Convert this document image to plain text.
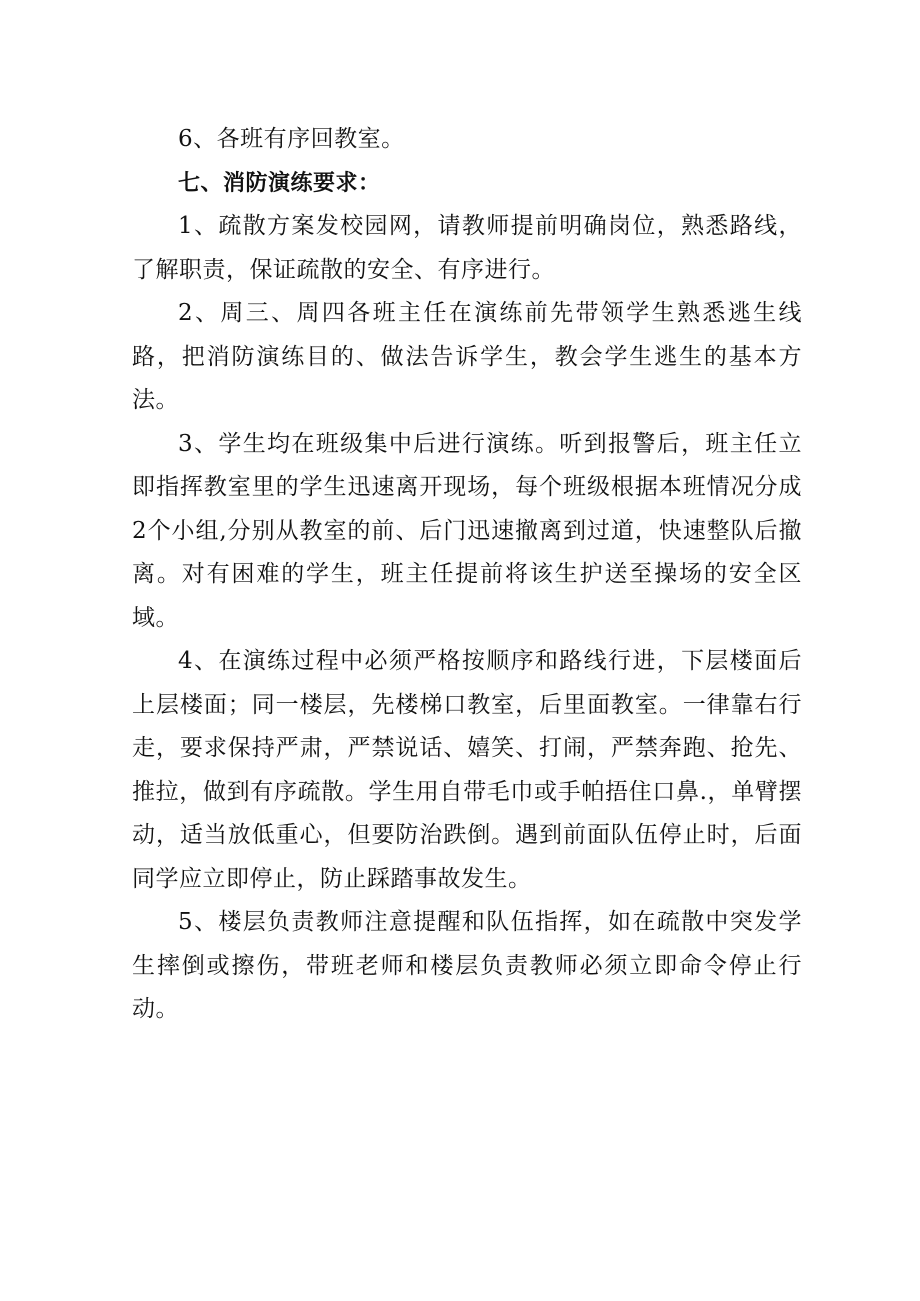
6、各班有序回教室。

七、消防演练要求：

1、疏散方案发校园网，请教师提前明确岗位，熟悉路线，了解职责，保证疏散的安全、有序进行。

2、周三、周四各班主任在演练前先带领学生熟悉逃生线路，把消防演练目的、做法告诉学生，教会学生逃生的基本方法。

3、学生均在班级集中后进行演练。听到报警后，班主任立即指挥教室里的学生迅速离开现场，每个班级根据本班情况分成2个小组,分别从教室的前、后门迅速撤离到过道，快速整队后撤离。对有困难的学生，班主任提前将该生护送至操场的安全区域。

4、在演练过程中必须严格按顺序和路线行进，下层楼面后上层楼面；同一楼层，先楼梯口教室，后里面教室。一律靠右行走，要求保持严肃，严禁说话、嬉笑、打闹，严禁奔跑、抢先、推拉，做到有序疏散。学生用自带毛巾或手帕捂住口鼻.，单臂摆动，适当放低重心，但要防治跌倒。遇到前面队伍停止时，后面同学应立即停止，防止踩踏事故发生。

5、楼层负责教师注意提醒和队伍指挥，如在疏散中突发学生摔倒或擦伤，带班老师和楼层负责教师必须立即命令停止行动。
